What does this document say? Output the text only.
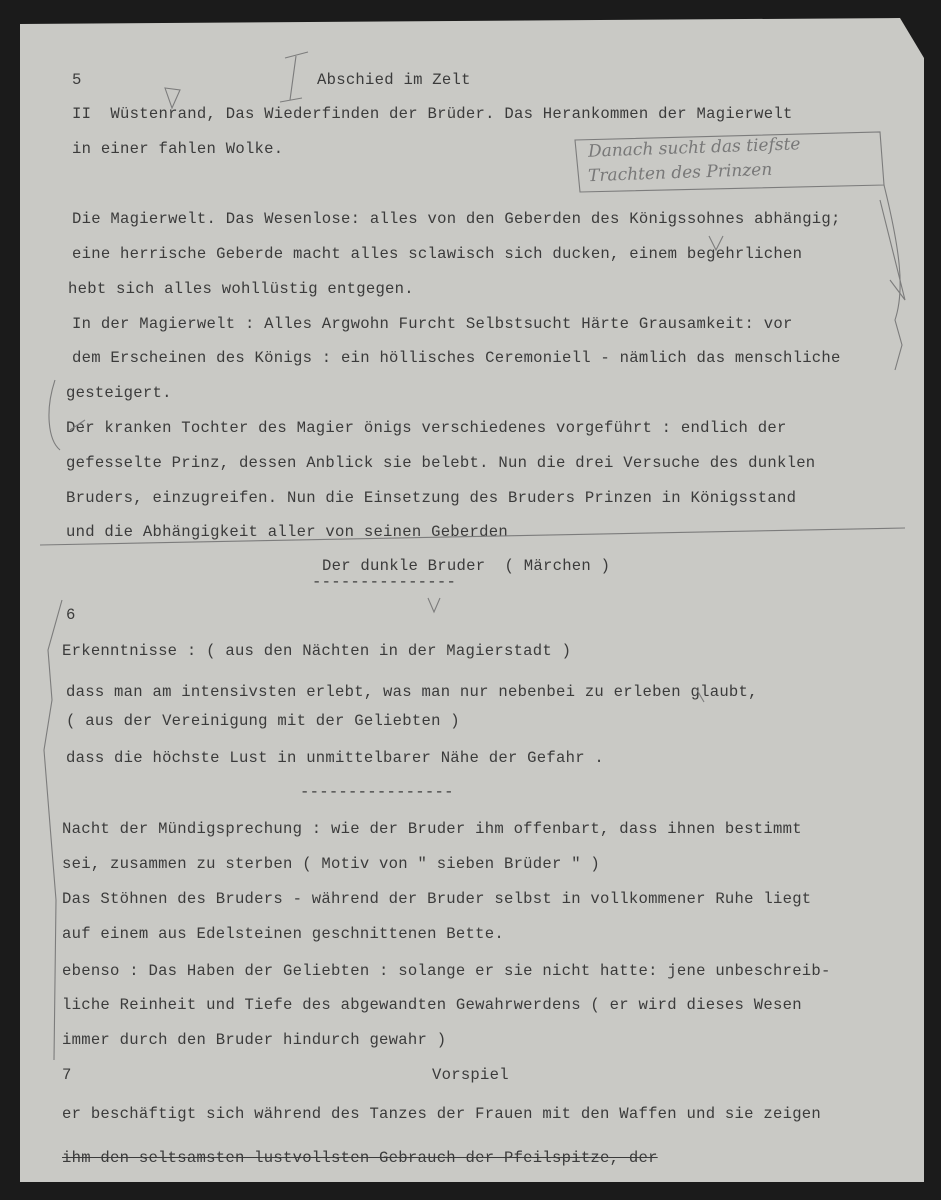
5	Abschied im Zelt
II  Wüstenrand, Das Wiederfinden der Brüder. Das Herankommen der Magierwelt
in einer fahlen Wolke.
Die Magierwelt. Das Wesenlose: alles von den Geberden des Königssohnes abhängig;
eine herrische Geberde macht alles sclawisch sich ducken, einem begehrlichen
hebt sich alles wohllüstig entgegen.
In der Magierwelt : Alles Argwohn Furcht Selbstsucht Härte Grausamkeit: vor
dem Erscheinen des Königs : ein höllisches Ceremoniell - nämlich das menschliche
gesteigert.
Der kranken Tochter des Magier önigs verschiedenes vorgeführt : endlich der
gefesselte Prinz, dessen Anblick sie belebt. Nun die drei Versuche des dunklen
Bruders, einzugreifen. Nun die Einsetzung des Bruders Prinzen in Königsstand
und die Abhängigkeit aller von seinen Geberden
Der dunkle Bruder  ( Märchen )
6
Erkenntnisse : ( aus den Nächten in der Magierstadt )
dass man am intensivsten erlebt, was man nur nebenbei zu erleben glaubt,
( aus der Vereinigung mit der Geliebten )
dass die höchste Lust in unmittelbarer Nähe der Gefahr .
----------------
Nacht der Mündigsprechung : wie der Bruder ihm offenbart, dass ihnen bestimmt
sei, zusammen zu sterben ( Motiv von " sieben Brüder " )
Das Stöhnen des Bruders - während der Bruder selbst in vollkommener Ruhe liegt
auf einem aus Edelsteinen geschnittenen Bette.
ebenso : Das Haben der Geliebten : solange er sie nicht hatte: jene unbeschreib-
liche Reinheit und Tiefe des abgewandten Gewahrwerdens ( er wird dieses Wesen
immer durch den Bruder hindurch gewahr )
7	Vorspiel
er beschäftigt sich während des Tanzes der Frauen mit den Waffen und sie zeigen
ihm den seltsamsten lustvollsten Gebrauch der Pfeilspitze, der
---------------
Danach sucht das tiefste
Trachten des Prinzen
